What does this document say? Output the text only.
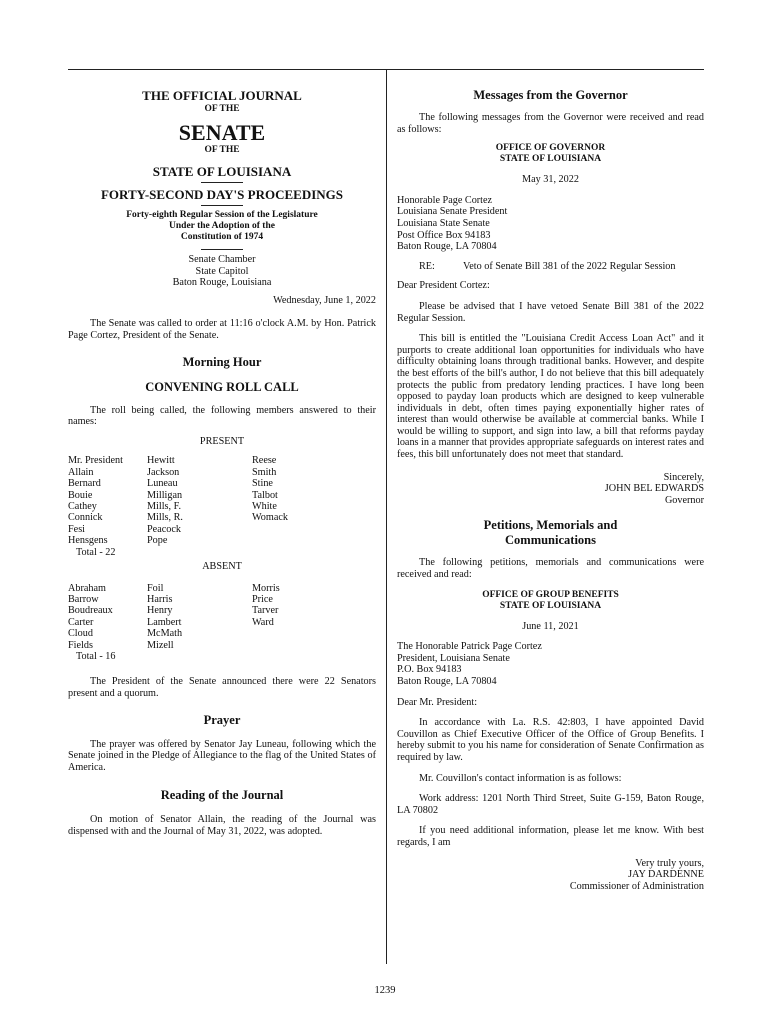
THE OFFICIAL JOURNAL
OF THE
SENATE
OF THE
STATE OF LOUISIANA
FORTY-SECOND DAY'S PROCEEDINGS
Forty-eighth Regular Session of the Legislature
Under the Adoption of the
Constitution of 1974
Senate Chamber
State Capitol
Baton Rouge, Louisiana
Wednesday, June 1, 2022

The Senate was called to order at 11:16 o'clock A.M. by Hon. Patrick Page Cortez, President of the Senate.

Morning Hour
CONVENING ROLL CALL

The roll being called, the following members answered to their names:

PRESENT
Mr. President
Allain
Bernard
Bouie
Cathey
Connick
Fesi
Hensgens
Total - 22
Hewitt
Jackson
Luneau
Milligan
Mills, F.
Mills, R.
Peacock
Pope
Reese
Smith
Stine
Talbot
White
Womack
ABSENT
Abraham
Barrow
Boudreaux
Carter
Cloud
Fields
Total - 16
Foil
Harris
Henry
Lambert
McMath
Mizell
Morris
Price
Tarver
Ward

The President of the Senate announced there were 22 Senators present and a quorum.

Prayer

The prayer was offered by Senator Jay Luneau, following which the Senate joined in the Pledge of Allegiance to the flag of the United States of America.

Reading of the Journal

On motion of Senator Allain, the reading of the Journal was dispensed with and the Journal of May 31, 2022, was adopted.

Messages from the Governor

The following messages from the Governor were received and read as follows:

OFFICE OF GOVERNOR
STATE OF LOUISIANA
May 31, 2022
Honorable Page Cortez
Louisiana Senate President
Louisiana State Senate
Post Office Box 94183
Baton Rouge, LA 70804
RE:	Veto of Senate Bill 381 of the 2022 Regular Session
Dear President Cortez:

Please be advised that I have vetoed Senate Bill 381 of the 2022 Regular Session.

This bill is entitled the "Louisiana Credit Access Loan Act" and it purports to create additional loan opportunities for individuals who have difficulty obtaining loans through traditional banks. However, and despite the best efforts of the bill's author, I do not believe that this bill adequately protects the public from predatory lending practices. I have long been opposed to payday loan products which are designed to keep vulnerable individuals in debt, often times paying exponentially higher rates of interest than would otherwise be available at commercial banks. While I would be willing to support, and sign into law, a bill that reforms payday loans in a manner that provides appropriate safeguards on interest rates and fees, this bill unfortunately does not meet that standard.

Sincerely,
JOHN BEL EDWARDS
Governor
Petitions, Memorials and
Communications

The following petitions, memorials and communications were received and read:

OFFICE OF GROUP BENEFITS
STATE OF LOUISIANA
June 11, 2021
The Honorable Patrick Page Cortez
President, Louisiana Senate
P.O. Box 94183
Baton Rouge, LA 70804
Dear Mr. President:

In accordance with La. R.S. 42:803, I have appointed David Couvillon as Chief Executive Officer of the Office of Group Benefits. I hereby submit to you his name for consideration of Senate Confirmation as required by law.

Mr. Couvillon's contact information is as follows:

Work address: 1201 North Third Street, Suite G-159, Baton Rouge, LA 70802

If you need additional information, please let me know. With best regards, I am

Very truly yours,
JAY DARDENNE
Commissioner of Administration
1239
